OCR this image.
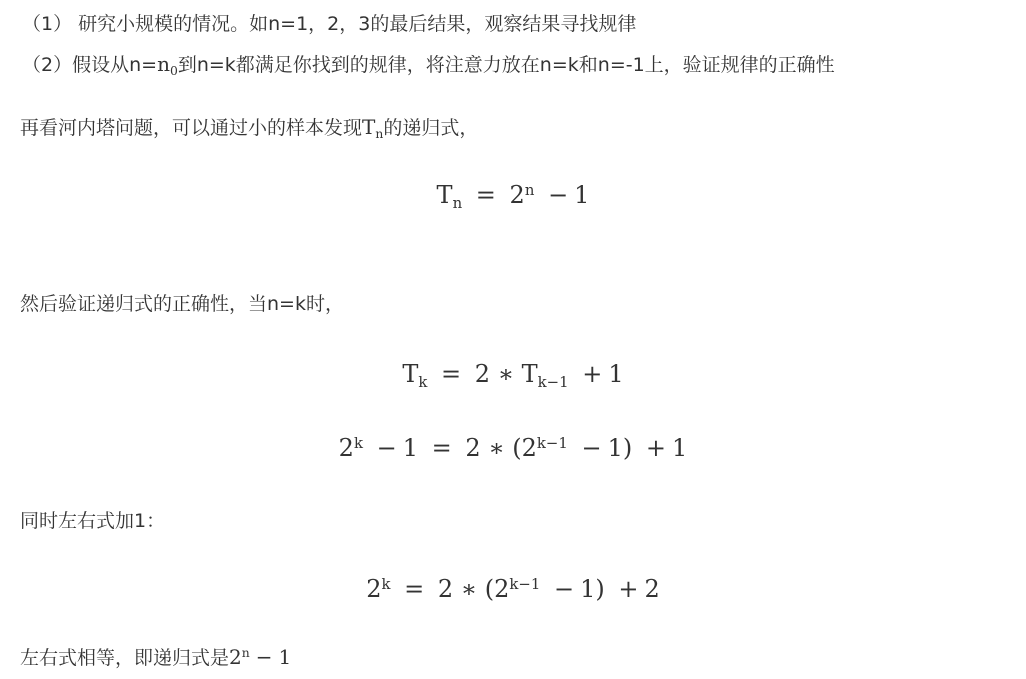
（1） 研究小规模的情况。如n=1，2，3的最后结果，观察结果寻找规律
（2）假设从$n=n_0$到n=k都满足你找到的规律，将注意力放在n=k和n=-1上，验证规律的正确性
再看河内塔问题，可以通过小的样本发现$T_n$的递归式，
$T_n = 2^n - 1$
然后验证递归式的正确性，当n=k时，
$T_k = 2$ ∗ $T_{k-1} + 1$
$2^k - 1 = 2$ ∗ $(2^{k-1} - 1) + 1$
同时左右式加1：
$2^k = 2$ ∗ $(2^{k-1} - 1) + 2$
左右式相等，即递归式是$2^n - 1$
